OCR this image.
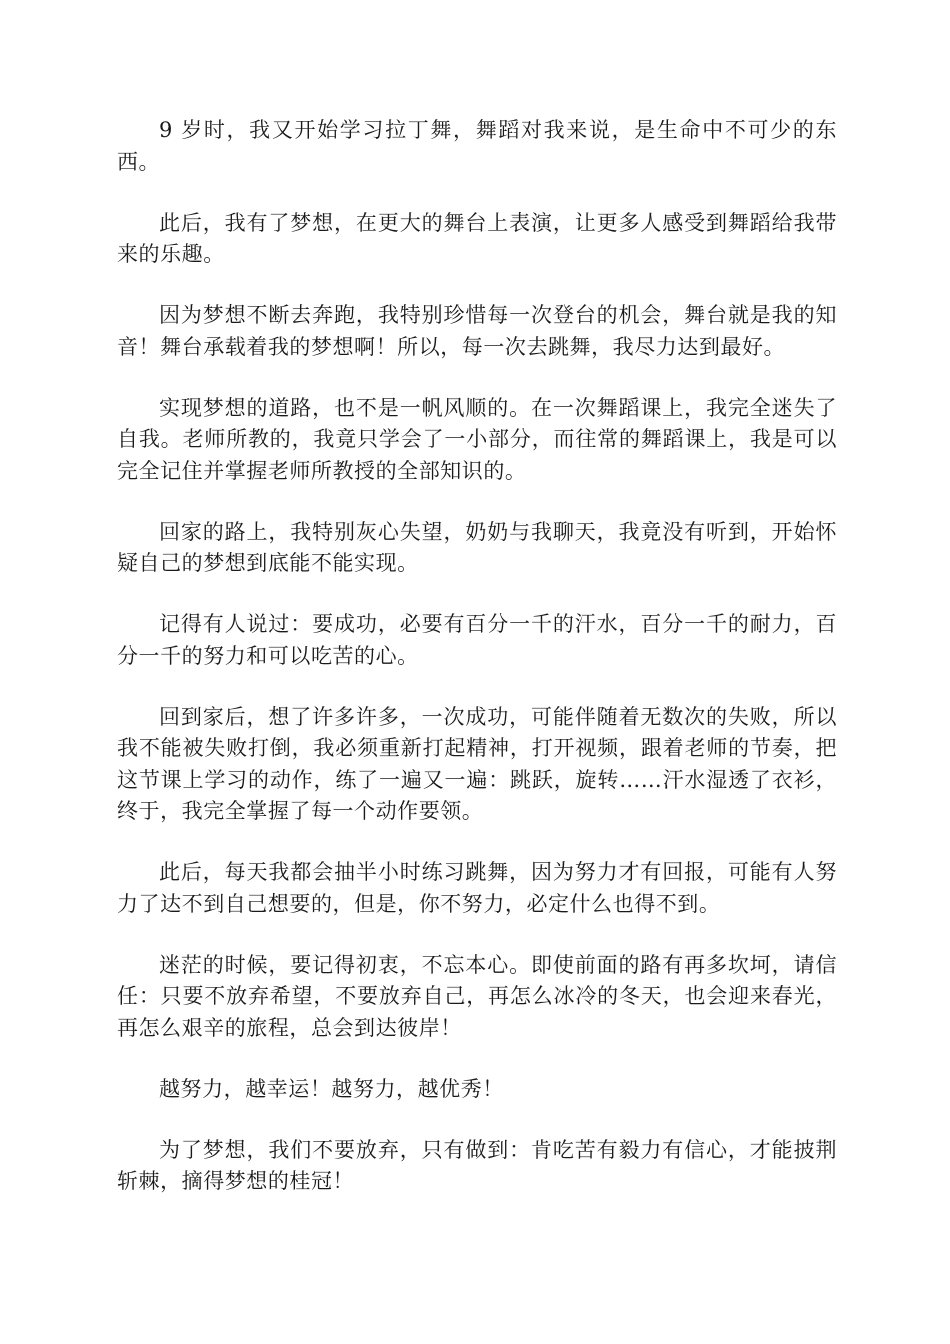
9 岁时，我又开始学习拉丁舞，舞蹈对我来说，是生命中不可少的东西。

此后，我有了梦想，在更大的舞台上表演，让更多人感受到舞蹈给我带来的乐趣。

因为梦想不断去奔跑，我特别珍惜每一次登台的机会，舞台就是我的知音！舞台承载着我的梦想啊！所以，每一次去跳舞，我尽力达到最好。

实现梦想的道路，也不是一帆风顺的。在一次舞蹈课上，我完全迷失了自我。老师所教的，我竟只学会了一小部分，而往常的舞蹈课上，我是可以完全记住并掌握老师所教授的全部知识的。

回家的路上，我特别灰心失望，奶奶与我聊天，我竟没有听到，开始怀疑自己的梦想到底能不能实现。

记得有人说过：要成功，必要有百分一千的汗水，百分一千的耐力，百分一千的努力和可以吃苦的心。

回到家后，想了许多许多，一次成功，可能伴随着无数次的失败，所以我不能被失败打倒，我必须重新打起精神，打开视频，跟着老师的节奏，把这节课上学习的动作，练了一遍又一遍：跳跃，旋转……汗水湿透了衣衫，终于，我完全掌握了每一个动作要领。

此后，每天我都会抽半小时练习跳舞，因为努力才有回报，可能有人努力了达不到自己想要的，但是，你不努力，必定什么也得不到。

迷茫的时候，要记得初衷，不忘本心。即使前面的路有再多坎坷，请信任：只要不放弃希望，不要放弃自己，再怎么冰冷的冬天，也会迎来春光，再怎么艰辛的旅程，总会到达彼岸！

越努力，越幸运！越努力，越优秀！

为了梦想，我们不要放弃，只有做到：肯吃苦有毅力有信心，才能披荆斩棘，摘得梦想的桂冠！
